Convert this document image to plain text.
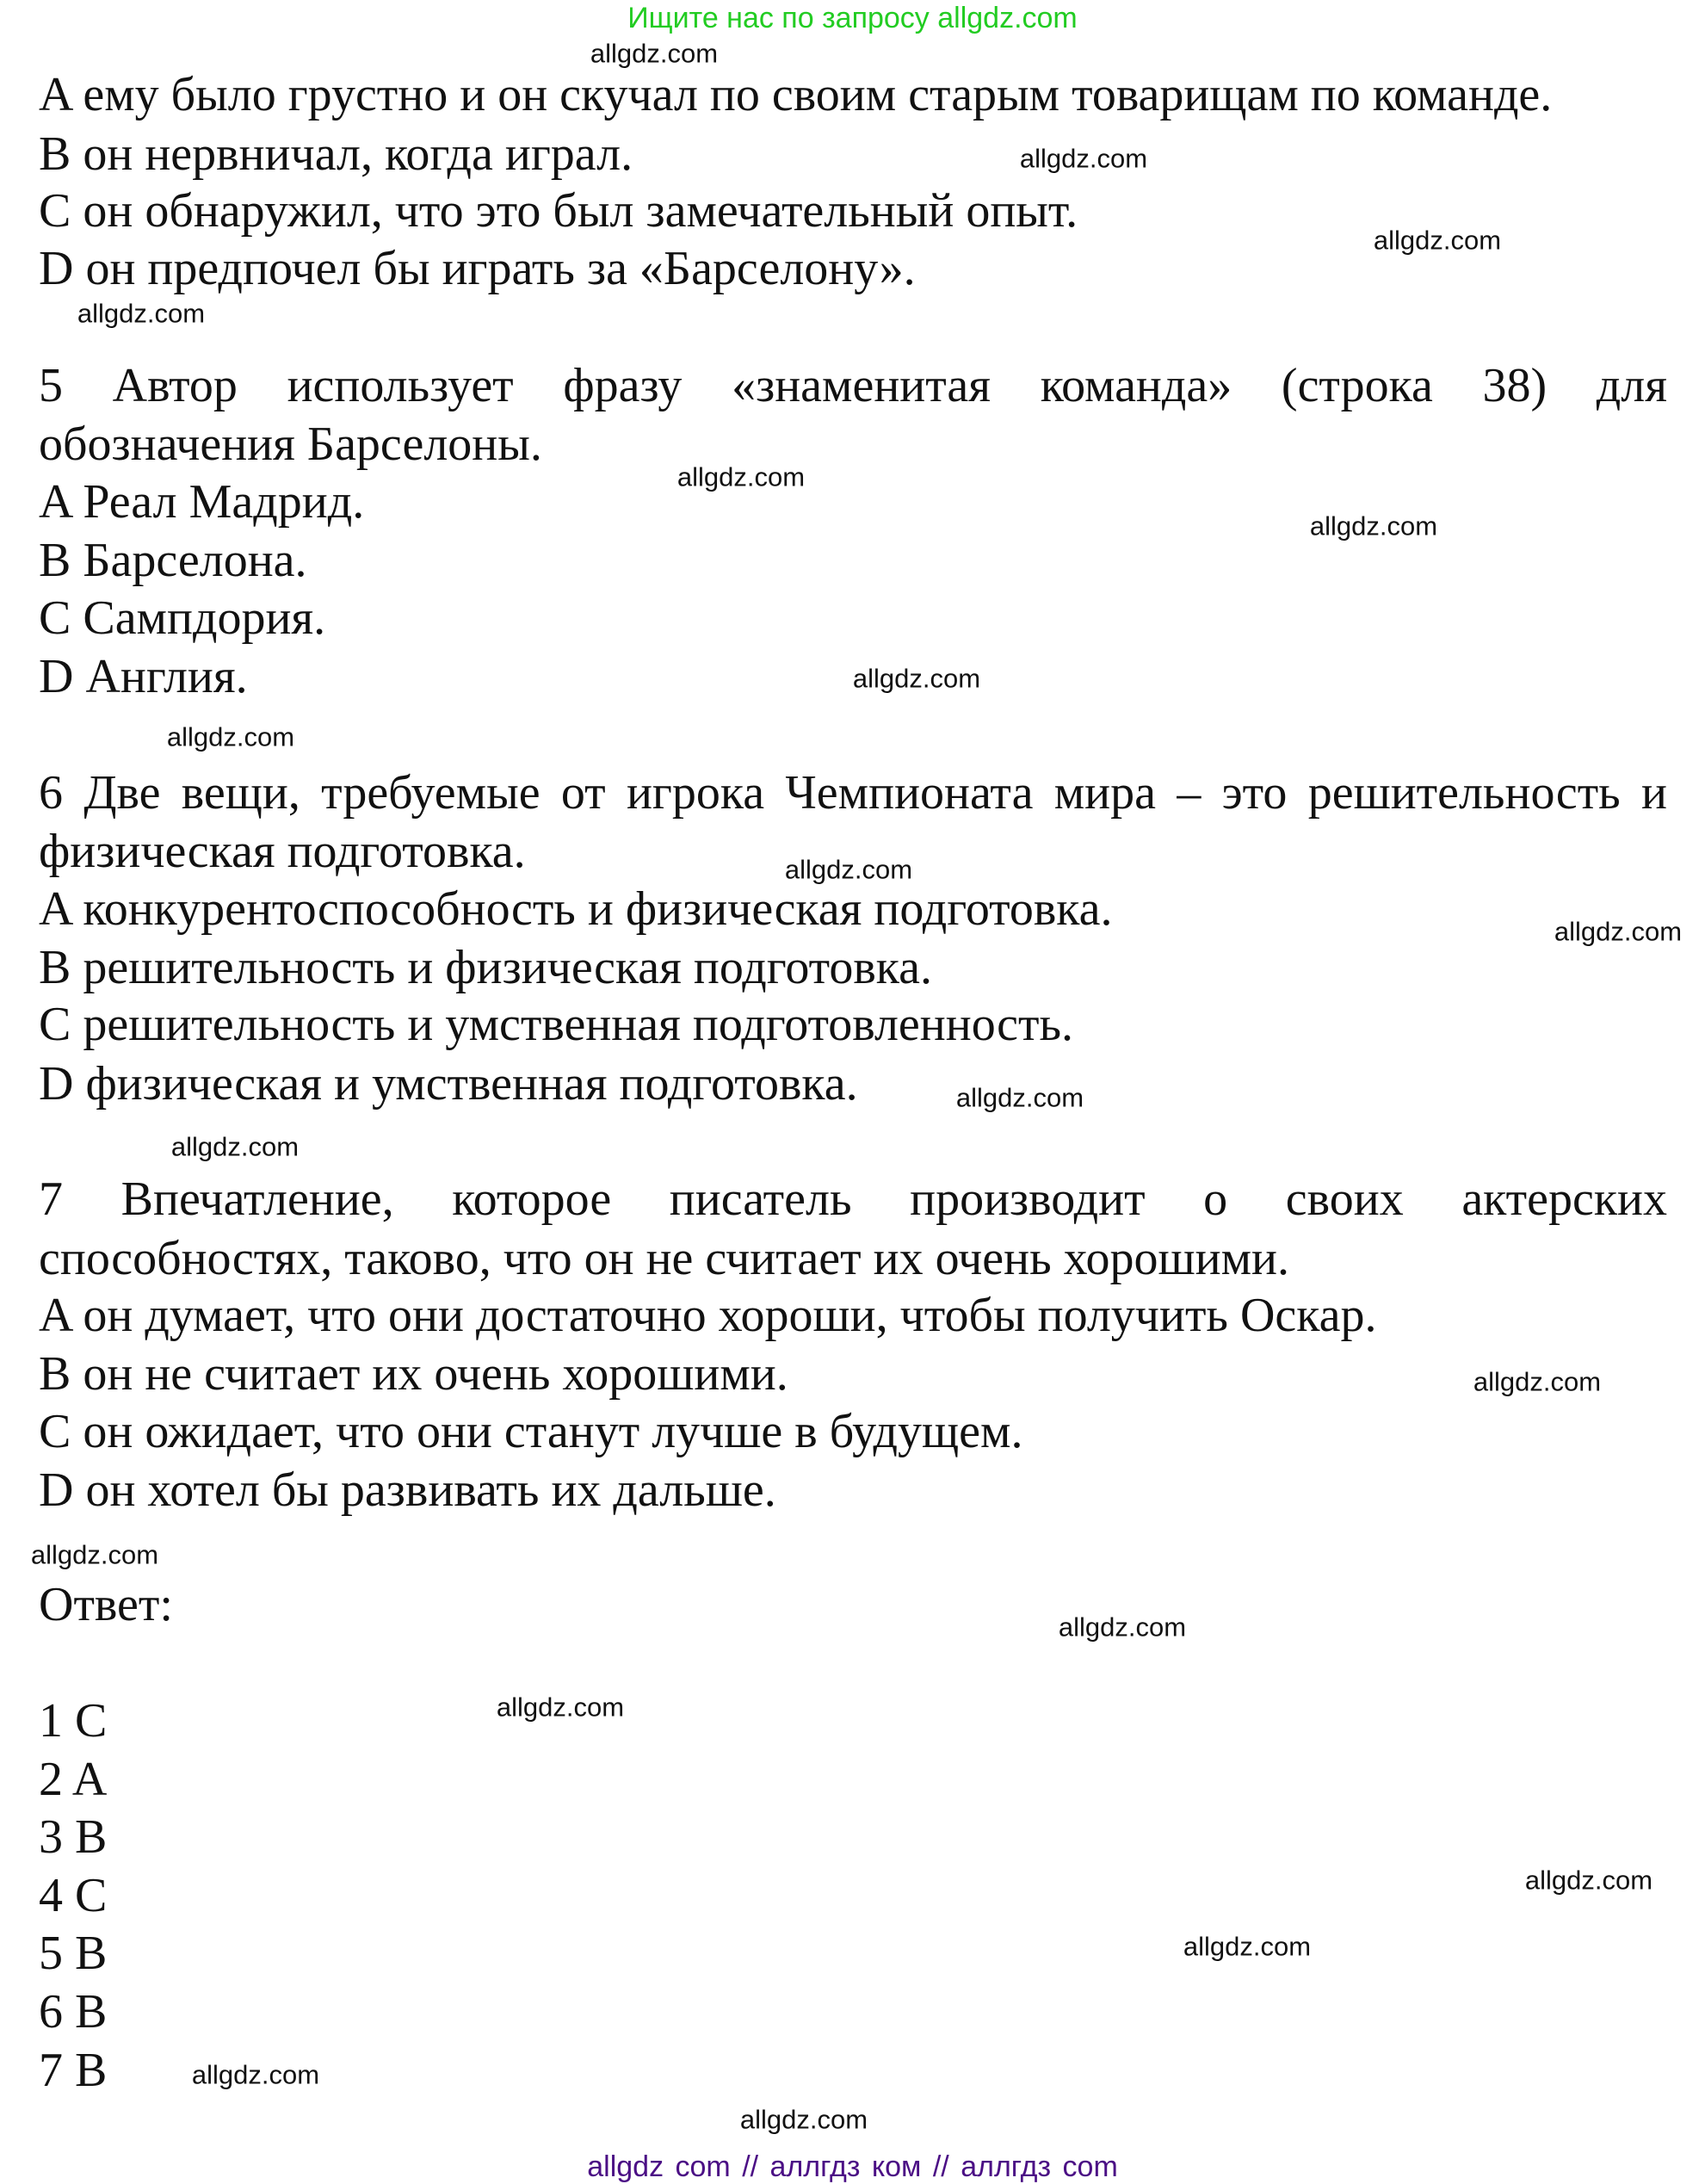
Ищите нас по запросу allgdz.com
A ему было грустно и он скучал по своим старым товарищам по команде.
B он нервничал, когда играл.
C он обнаружил, что это был замечательный опыт.
D он предпочел бы играть за «Барселону».
5 Автор использует фразу «знаменитая команда» (строка 38) для
обозначения Барселоны.
A Реал Мадрид.
B Барселона.
C Сампдория.
D Англия.
6 Две вещи, требуемые от игрока Чемпионата мира – это решительность и
физическая подготовка.
A конкурентоспособность и физическая подготовка.
B решительность и физическая подготовка.
C решительность и умственная подготовленность.
D физическая и умственная подготовка.
7 Впечатление, которое писатель производит о своих актерских
способностях, таково, что он не считает их очень хорошими.
A он думает, что они достаточно хороши, чтобы получить Оскар.
B он не считает их очень хорошими.
C он ожидает, что они станут лучше в будущем.
D он хотел бы развивать их дальше.
Ответ:
1 C
2 A
3 B
4 C
5 B
6 B
7 B
allgdz.com
allgdz.com
allgdz.com
allgdz.com
allgdz.com
allgdz.com
allgdz.com
allgdz.com
allgdz.com
allgdz.com
allgdz.com
allgdz.com
allgdz.com
allgdz.com
allgdz.com
allgdz.com
allgdz.com
allgdz.com
allgdz.com
allgdz.com
allgdz com // аллгдз ком // аллгдз com
